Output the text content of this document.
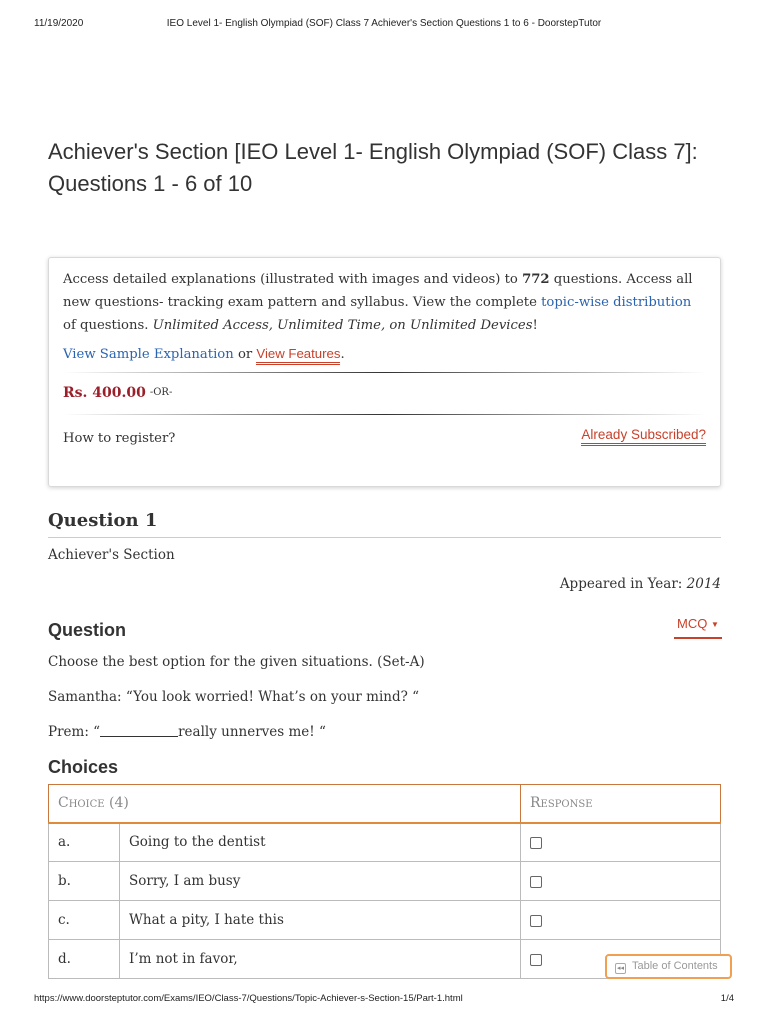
11/19/2020	IEO Level 1- English Olympiad (SOF) Class 7 Achiever's Section Questions 1 to 6 - DoorstepTutor
Achiever's Section [IEO Level 1- English Olympiad (SOF) Class 7]: Questions 1 - 6 of 10

Access detailed explanations (illustrated with images and videos) to 772 questions. Access all new questions- tracking exam pattern and syllabus. View the complete topic-wise distribution of questions. Unlimited Access, Unlimited Time, on Unlimited Devices!

View Sample Explanation or View Features.

Rs. 400.00 -OR-
How to register?	Already Subscribed?
Question 1
Achiever's Section
Appeared in Year: 2014
Question	MCQ ▼

Choose the best option for the given situations. (Set-A)

Samantha: “You look worried! What’s on your mind? “

Prem: “	really unnerves me! “

Choices
Choice (4)		Response
a.	Going to the dentist	
b.	Sorry, I am busy	
c.	What a pity, I hate this	
d.	I’m not in favor,	
◂◂ Table of Contents
https://www.doorsteptutor.com/Exams/IEO/Class-7/Questions/Topic-Achiever-s-Section-15/Part-1.html	1/4
